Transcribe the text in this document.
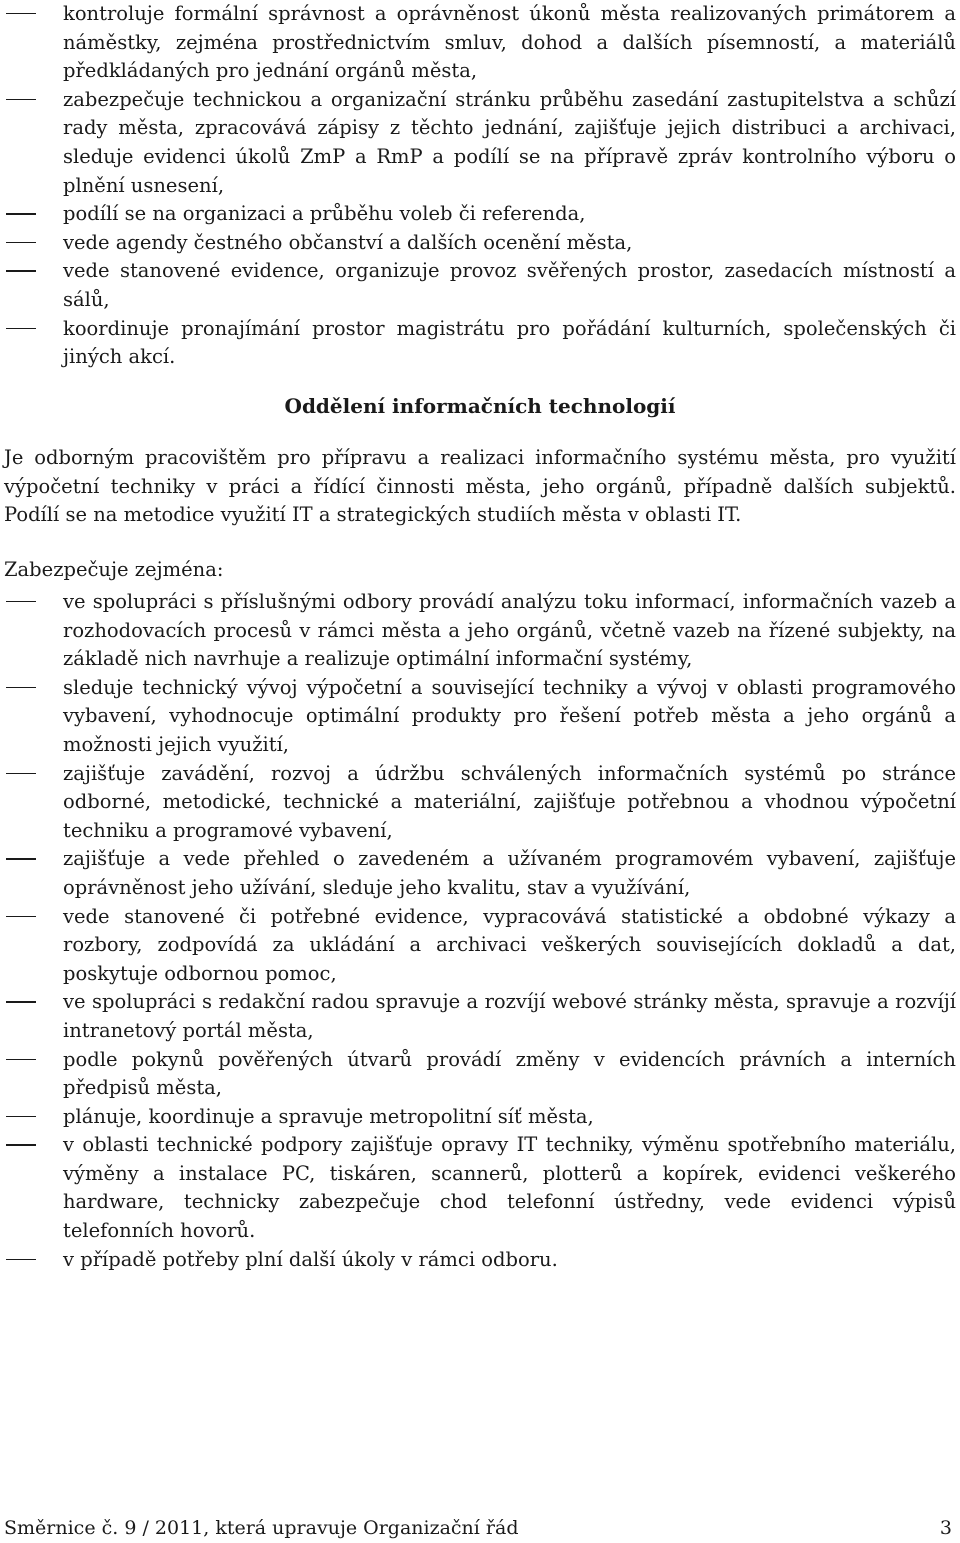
kontroluje formální správnost a oprávněnost úkonů města realizovaných primátorem a náměstky, zejména prostřednictvím smluv, dohod a dalších písemností, a materiálů předkládaných pro jednání orgánů města,
zabezpečuje technickou a organizační stránku průběhu zasedání zastupitelstva a schůzí rady města, zpracovává zápisy z těchto jednání, zajišťuje jejich distribuci a archivaci, sleduje evidenci úkolů ZmP a RmP a podílí se na přípravě zpráv kontrolního výboru o plnění usnesení,
podílí se na organizaci a průběhu voleb či referenda,
vede agendy čestného občanství a dalších ocenění města,
vede stanovené evidence, organizuje provoz svěřených prostor, zasedacích místností a sálů,
koordinuje pronajímání prostor magistrátu pro pořádání kulturních, společenských či jiných akcí.
Oddělení informačních technologií

Je odborným pracovištěm pro přípravu a realizaci informačního systému města, pro využití výpočetní techniky v práci a řídící činnosti města, jeho orgánů, případně dalších subjektů. Podílí se na metodice využití IT a strategických studiích města v oblasti IT.

Zabezpečuje zejména:

ve spolupráci s příslušnými odbory provádí analýzu toku informací, informačních vazeb a rozhodovacích procesů v rámci města a jeho orgánů, včetně vazeb na řízené subjekty, na základě nich navrhuje a realizuje optimální informační systémy,
sleduje technický vývoj výpočetní a související techniky a vývoj v oblasti programového vybavení, vyhodnocuje optimální produkty pro řešení potřeb města a jeho orgánů a možnosti jejich využití,
zajišťuje zavádění, rozvoj a údržbu schválených informačních systémů po stránce odborné, metodické, technické a materiální, zajišťuje potřebnou a vhodnou výpočetní techniku a programové vybavení,
zajišťuje a vede přehled o zavedeném a užívaném programovém vybavení, zajišťuje oprávněnost jeho užívání, sleduje jeho kvalitu, stav a využívání,
vede stanovené či potřebné evidence, vypracovává statistické a obdobné výkazy a rozbory, zodpovídá za ukládání a archivaci veškerých souvisejících dokladů a dat, poskytuje odbornou pomoc,
ve spolupráci s redakční radou spravuje a rozvíjí webové stránky města, spravuje a rozvíjí intranetový portál města,
podle pokynů pověřených útvarů provádí změny v evidencích právních a interních předpisů města,
plánuje, koordinuje a spravuje metropolitní síť města,
v oblasti technické podpory zajišťuje opravy IT techniky, výměnu spotřebního materiálu, výměny a instalace PC, tiskáren, scannerů, plotterů a kopírek, evidenci veškerého hardware, technicky zabezpečuje chod telefonní ústředny, vede evidenci výpisů telefonních hovorů.
v případě potřeby plní další úkoly v rámci odboru.
Směrnice č. 9 / 2011, která upravuje Organizační řád	3
